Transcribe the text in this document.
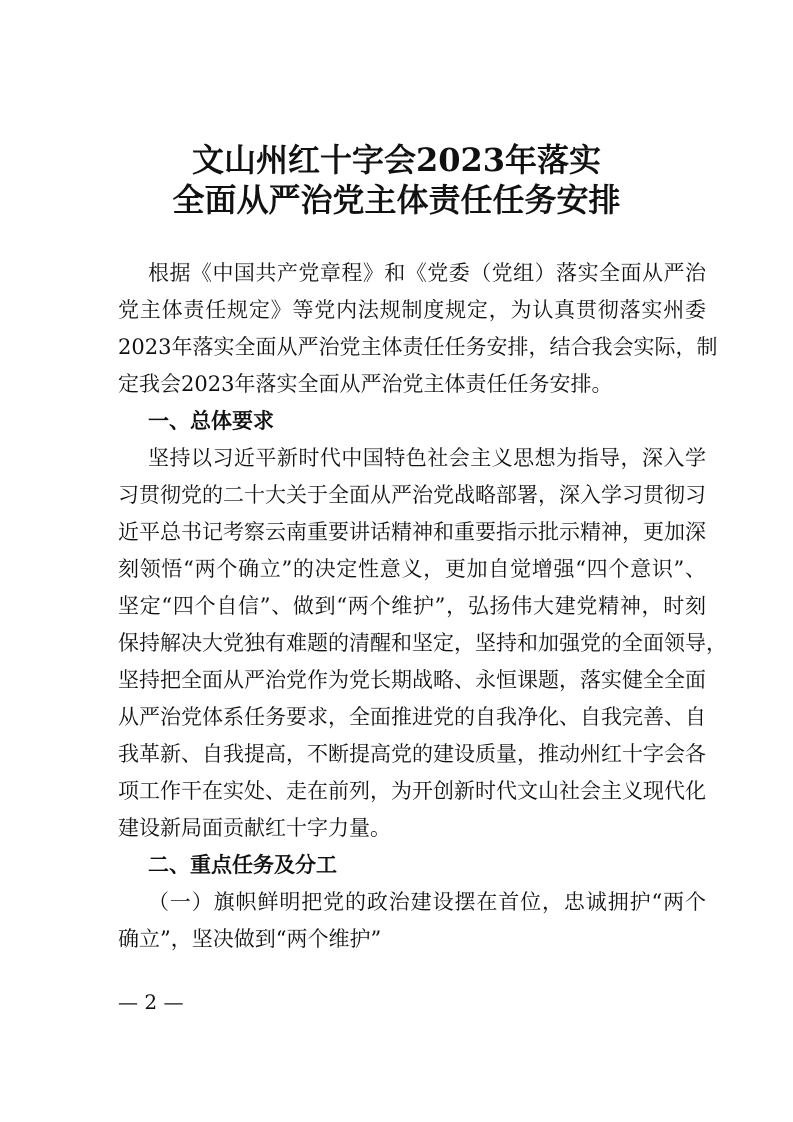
文山州红十字会2023年落实
全面从严治党主体责任任务安排
根据《中国共产党章程》和《党委（党组）落实全面从严治
党主体责任规定》等党内法规制度规定，为认真贯彻落实州委
2023年落实全面从严治党主体责任任务安排，结合我会实际，制
定我会2023年落实全面从严治党主体责任任务安排。
一、总体要求
坚持以习近平新时代中国特色社会主义思想为指导，深入学
习贯彻党的二十大关于全面从严治党战略部署，深入学习贯彻习
近平总书记考察云南重要讲话精神和重要指示批示精神，更加深
刻领悟“两个确立”的决定性意义，更加自觉增强“四个意识”、
坚定“四个自信”、做到“两个维护”，弘扬伟大建党精神，时刻
保持解决大党独有难题的清醒和坚定，坚持和加强党的全面领导，
坚持把全面从严治党作为党长期战略、永恒课题，落实健全全面
从严治党体系任务要求，全面推进党的自我净化、自我完善、自
我革新、自我提高，不断提高党的建设质量，推动州红十字会各
项工作干在实处、走在前列，为开创新时代文山社会主义现代化
建设新局面贡献红十字力量。
二、重点任务及分工
（一）旗帜鲜明把党的政治建设摆在首位，忠诚拥护“两个
确立”，坚决做到“两个维护”
— 2 —
